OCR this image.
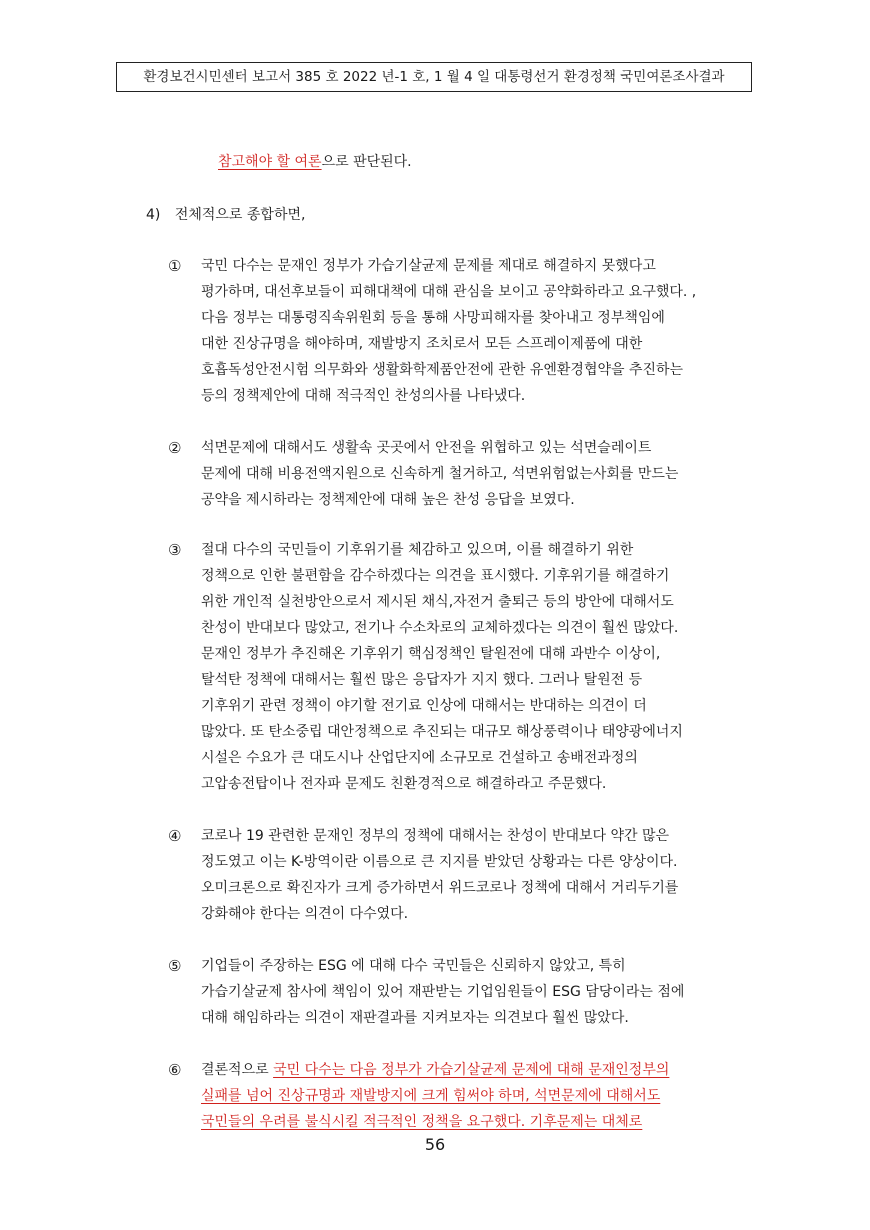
환경보건시민센터 보고서 385 호 2022 년-1 호, 1 월 4 일 대통령선거 환경정책 국민여론조사결과
참고해야 할 여론으로 판단된다.
4) 전체적으로 종합하면,
① 국민 다수는 문재인 정부가 가습기살균제 문제를 제대로 해결하지 못했다고
평가하며, 대선후보들이 피해대책에 대해 관심을 보이고 공약화하라고 요구했다. ,
다음 정부는 대통령직속위원회 등을 통해 사망피해자를 찾아내고 정부책임에
대한 진상규명을 해야하며, 재발방지 조치로서 모든 스프레이제품에 대한
호흡독성안전시험 의무화와 생활화학제품안전에 관한 유엔환경협약을 추진하는
등의 정책제안에 대해 적극적인 찬성의사를 나타냈다.
② 석면문제에 대해서도 생활속 곳곳에서 안전을 위협하고 있는 석면슬레이트
문제에 대해 비용전액지원으로 신속하게 철거하고, 석면위험없는사회를 만드는
공약을 제시하라는 정책제안에 대해 높은 찬성 응답을 보였다.
③ 절대 다수의 국민들이 기후위기를 체감하고 있으며, 이를 해결하기 위한
정책으로 인한 불편함을 감수하겠다는 의견을 표시했다. 기후위기를 해결하기
위한 개인적 실천방안으로서 제시된 채식,자전거 출퇴근 등의 방안에 대해서도
찬성이 반대보다 많았고, 전기나 수소차로의 교체하겠다는 의견이 훨씬 많았다.
문재인 정부가 추진해온 기후위기 핵심정책인 탈원전에 대해 과반수 이상이,
탈석탄 정책에 대해서는 훨씬 많은 응답자가 지지 했다. 그러나 탈원전 등
기후위기 관련 정책이 야기할 전기료 인상에 대해서는 반대하는 의견이 더
많았다. 또 탄소중립 대안정책으로 추진되는 대규모 해상풍력이나 태양광에너지
시설은 수요가 큰 대도시나 산업단지에 소규모로 건설하고 송배전과정의
고압송전탑이나 전자파 문제도 친환경적으로 해결하라고 주문했다.
④ 코로나 19 관련한 문재인 정부의 정책에 대해서는 찬성이 반대보다 약간 많은
정도였고 이는 K-방역이란 이름으로 큰 지지를 받았던 상황과는 다른 양상이다.
오미크론으로 확진자가 크게 증가하면서 위드코로나 정책에 대해서 거리두기를
강화해야 한다는 의견이 다수였다.
⑤ 기업들이 주장하는 ESG 에 대해 다수 국민들은 신뢰하지 않았고, 특히
가습기살균제 참사에 책임이 있어 재판받는 기업임원들이 ESG 담당이라는 점에
대해 해임하라는 의견이 재판결과를 지켜보자는 의견보다 훨씬 많았다.
⑥ 결론적으로 국민 다수는 다음 정부가 가습기살균제 문제에 대해 문재인정부의
실패를 넘어 진상규명과 재발방지에 크게 힘써야 하며, 석면문제에 대해서도
국민들의 우려를 불식시킬 적극적인 정책을 요구했다. 기후문제는 대체로
56
